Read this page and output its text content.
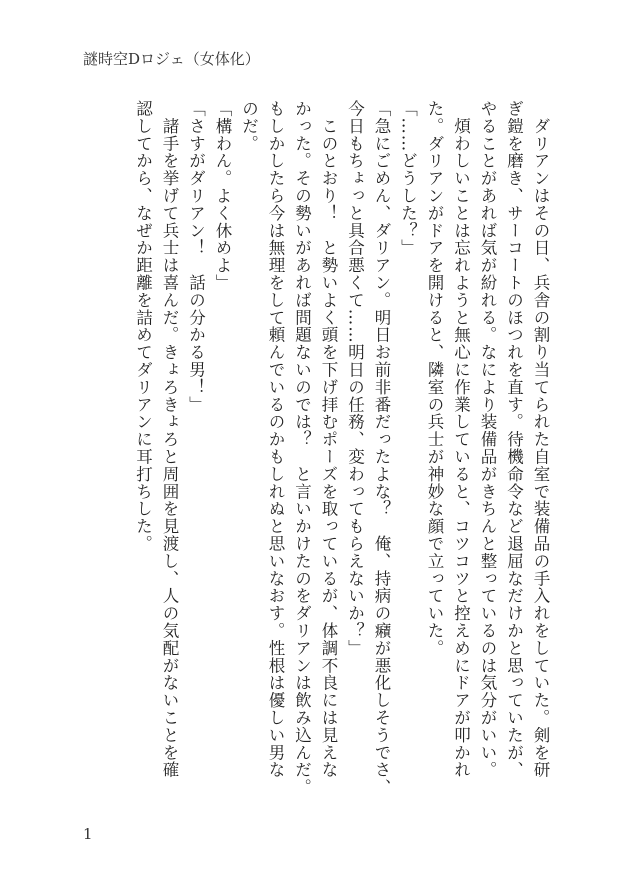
謎時空Dロジェ（女体化）
　ダリアンはその日、兵舎の割り当てられた自室で装備品の手入れをしていた。剣を研
ぎ鎧を磨き、サーコートのほつれを直す。待機命令など退屈なだけかと思っていたが、
やることがあれば気が紛れる。なにより装備品がきちんと整っているのは気分がいい。
　煩わしいことは忘れようと無心に作業していると、コツコツと控えめにドアが叩かれ
た。ダリアンがドアを開けると、隣室の兵士が神妙な顔で立っていた。
「……どうした？」
「急にごめん、ダリアン。明日お前非番だったよな？　俺、持病の癪が悪化しそうでさ、
今日もちょっと具合悪くて……明日の任務、変わってもらえないか？」
　このとおり！　と勢いよく頭を下げ拝むポーズを取っているが、体調不良には見えな
かった。その勢いがあれば問題ないのでは？　と言いかけたのをダリアンは飲み込んだ。
もしかしたら今は無理をして頼んでいるのかもしれぬと思いなおす。性根は優しい男な
のだ。
「構わん。よく休めよ」
「さすがダリアン！　話の分かる男！」
　諸手を挙げて兵士は喜んだ。きょろきょろと周囲を見渡し、人の気配がないことを確
認してから、なぜか距離を詰めてダリアンに耳打ちした。
1
